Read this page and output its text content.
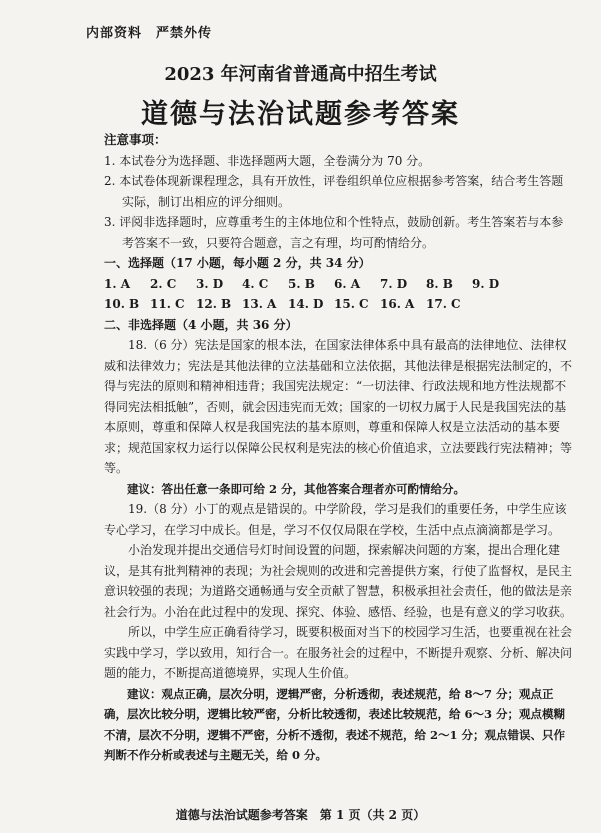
内部资料　严禁外传
2023 年河南省普通高中招生考试
道德与法治试题参考答案

注意事项：

1. 本试卷分为选择题、非选择题两大题，全卷满分为 70 分。

2. 本试卷体现新课程理念，具有开放性，评卷组织单位应根据参考答案，结合考生答题实际，制订出相应的评分细则。

3. 评阅非选择题时，应尊重考生的主体地位和个性特点，鼓励创新。考生答案若与本参考答案不一致，只要符合题意，言之有理，均可酌情给分。

一、选择题（17 小题，每小题 2 分，共 34 分）

1. A	2. C	3. D	4. C	5. B	6. A	7. D	8. B	9. D
10. B 11. C 12. B 13. A 14. D 15. C 16. A 17. C

二、非选择题（4 小题，共 36 分）

18.（6 分）宪法是国家的根本法，在国家法律体系中具有最高的法律地位、法律权威和法律效力；宪法是其他法律的立法基础和立法依据，其他法律是根据宪法制定的，不得与宪法的原则和精神相违背；我国宪法规定：“一切法律、行政法规和地方性法规都不得同宪法相抵触”，否则，就会因违宪而无效；国家的一切权力属于人民是我国宪法的基本原则，尊重和保障人权是我国宪法的基本原则，尊重和保障人权是立法活动的基本要求；规范国家权力运行以保障公民权利是宪法的核心价值追求，立法要践行宪法精神；等等。

建议：答出任意一条即可给 2 分，其他答案合理者亦可酌情给分。

19.（8 分）小丁的观点是错误的。中学阶段，学习是我们的重要任务，中学生应该专心学习，在学习中成长。但是，学习不仅仅局限在学校，生活中点点滴滴都是学习。

小治发现并提出交通信号灯时间设置的问题，探索解决问题的方案，提出合理化建议，是其有批判精神的表现；为社会规则的改进和完善提供方案，行使了监督权，是民主意识较强的表现；为道路交通畅通与安全贡献了智慧，积极承担社会责任，他的做法是亲社会行为。小治在此过程中的发现、探究、体验、感悟、经验，也是有意义的学习收获。

所以，中学生应正确看待学习，既要积极面对当下的校园学习生活，也要重视在社会实践中学习，学以致用，知行合一。在服务社会的过程中，不断提升观察、分析、解决问题的能力，不断提高道德境界，实现人生价值。

建议：观点正确，层次分明，逻辑严密，分析透彻，表述规范，给 8～7 分；观点正确，层次比较分明，逻辑比较严密，分析比较透彻，表述比较规范，给 6～3 分；观点模糊不清，层次不分明，逻辑不严密，分析不透彻，表述不规范，给 2～1 分；观点错误、只作判断不作分析或表述与主题无关，给 0 分。

道德与法治试题参考答案　第 1 页（共 2 页）
